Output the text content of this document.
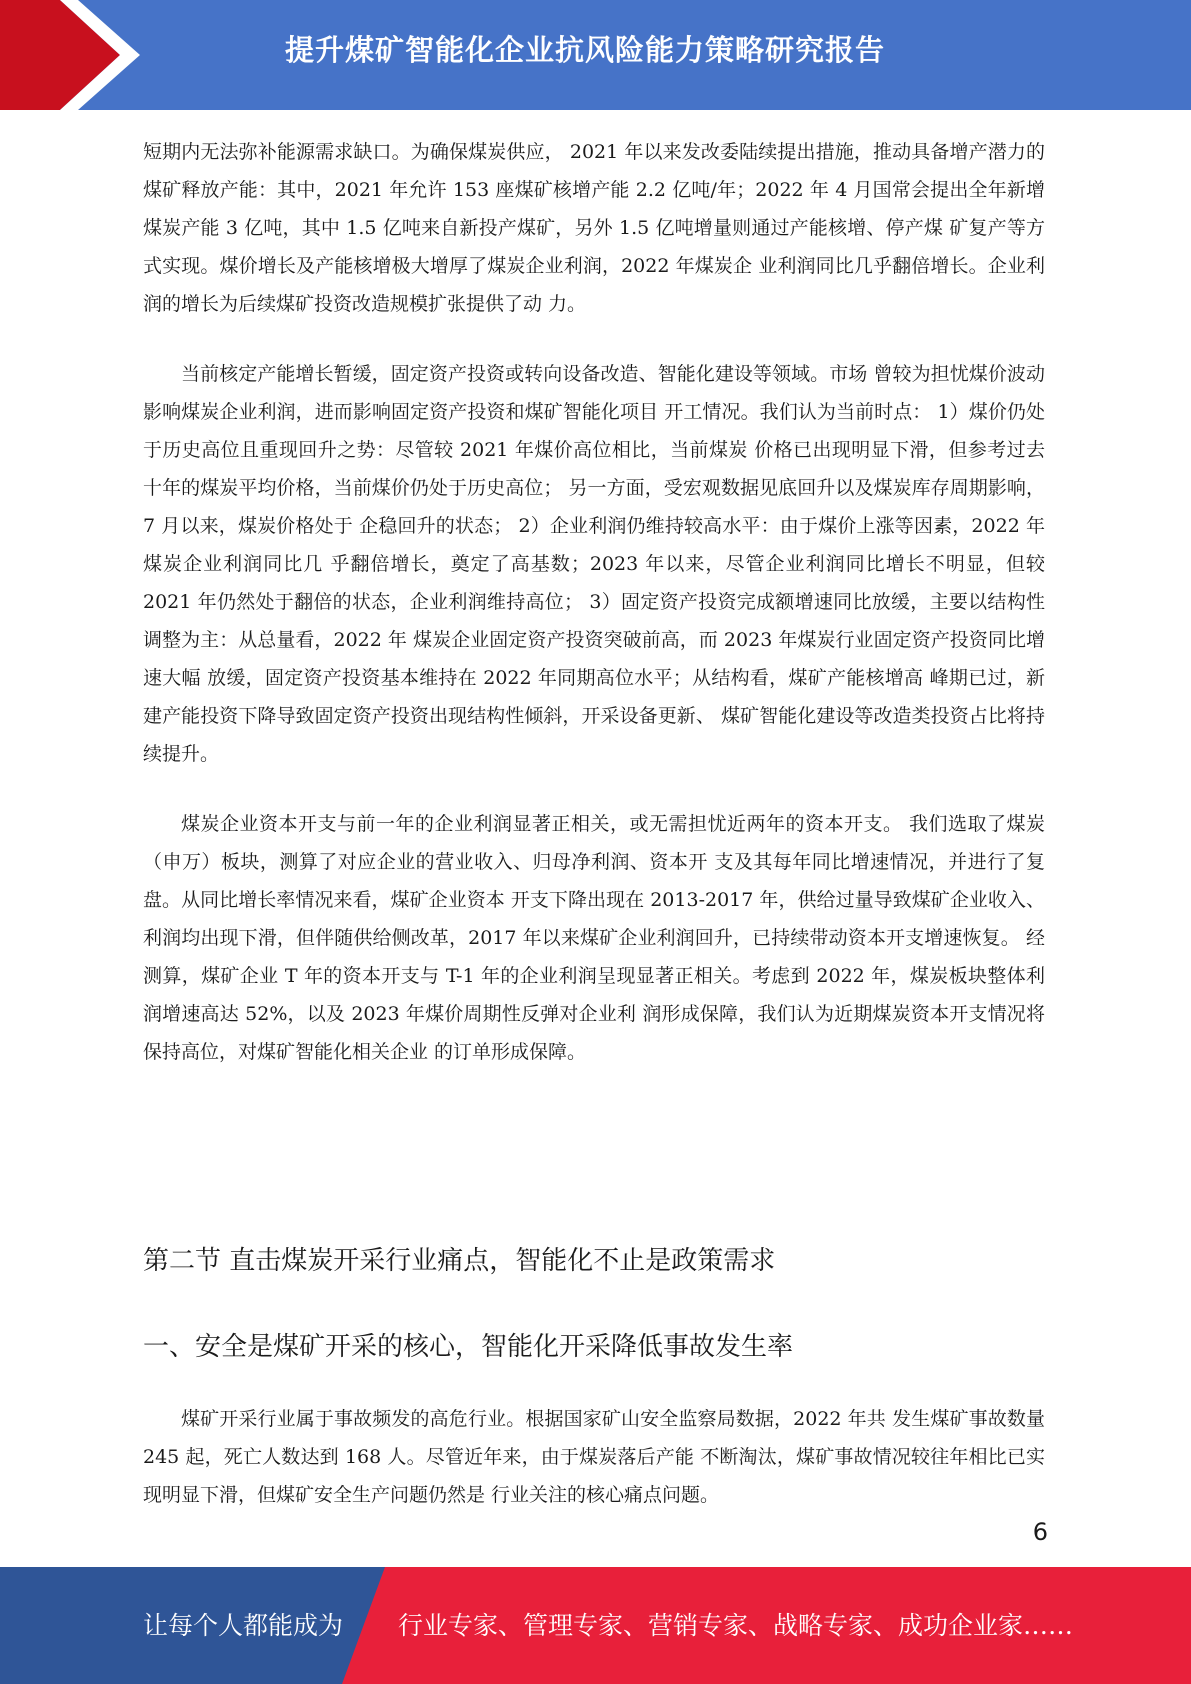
提升煤矿智能化企业抗风险能力策略研究报告

短期内无法弥补能源需求缺口。为确保煤炭供应， 2021 年以来发改委陆续提出措施，推动具备增产潜力的煤矿释放产能：其中，2021 年允许 153 座煤矿核增产能 2.2 亿吨/年；2022 年 4 月国常会提出全年新增煤炭产能 3 亿吨，其中 1.5 亿吨来自新投产煤矿，另外 1.5 亿吨增量则通过产能核增、停产煤 矿复产等方式实现。煤价增长及产能核增极大增厚了煤炭企业利润，2022 年煤炭企 业利润同比几乎翻倍增长。企业利润的增长为后续煤矿投资改造规模扩张提供了动 力。

当前核定产能增长暂缓，固定资产投资或转向设备改造、智能化建设等领域。市场 曾较为担忧煤价波动影响煤炭企业利润，进而影响固定资产投资和煤矿智能化项目 开工情况。我们认为当前时点： 1）煤价仍处于历史高位且重现回升之势：尽管较 2021 年煤价高位相比，当前煤炭 价格已出现明显下滑，但参考过去十年的煤炭平均价格，当前煤价仍处于历史高位； 另一方面，受宏观数据见底回升以及煤炭库存周期影响，7 月以来，煤炭价格处于 企稳回升的状态； 2）企业利润仍维持较高水平：由于煤价上涨等因素，2022 年煤炭企业利润同比几 乎翻倍增长，奠定了高基数；2023 年以来，尽管企业利润同比增长不明显，但较 2021 年仍然处于翻倍的状态，企业利润维持高位； 3）固定资产投资完成额增速同比放缓，主要以结构性调整为主：从总量看，2022 年 煤炭企业固定资产投资突破前高，而 2023 年煤炭行业固定资产投资同比增速大幅 放缓，固定资产投资基本维持在 2022 年同期高位水平；从结构看，煤矿产能核增高 峰期已过，新建产能投资下降导致固定资产投资出现结构性倾斜，开采设备更新、 煤矿智能化建设等改造类投资占比将持续提升。

煤炭企业资本开支与前一年的企业利润显著正相关，或无需担忧近两年的资本开支。 我们选取了煤炭（申万）板块，测算了对应企业的营业收入、归母净利润、资本开 支及其每年同比增速情况，并进行了复盘。从同比增长率情况来看，煤矿企业资本 开支下降出现在 2013-2017 年，供给过量导致煤矿企业收入、利润均出现下滑，但伴随供给侧改革，2017 年以来煤矿企业利润回升，已持续带动资本开支增速恢复。 经测算，煤矿企业 T 年的资本开支与 T-1 年的企业利润呈现显著正相关。考虑到 2022 年，煤炭板块整体利润增速高达 52%，以及 2023 年煤价周期性反弹对企业利 润形成保障，我们认为近期煤炭资本开支情况将保持高位，对煤矿智能化相关企业 的订单形成保障。

第二节 直击煤炭开采行业痛点，智能化不止是政策需求
一、安全是煤矿开采的核心，智能化开采降低事故发生率

煤矿开采行业属于事故频发的高危行业。根据国家矿山安全监察局数据，2022 年共 发生煤矿事故数量 245 起，死亡人数达到 168 人。尽管近年来，由于煤炭落后产能 不断淘汰，煤矿事故情况较往年相比已实现明显下滑，但煤矿安全生产问题仍然是 行业关注的核心痛点问题。

6
让每个人都能成为 行业专家、管理专家、营销专家、战略专家、成功企业家……
